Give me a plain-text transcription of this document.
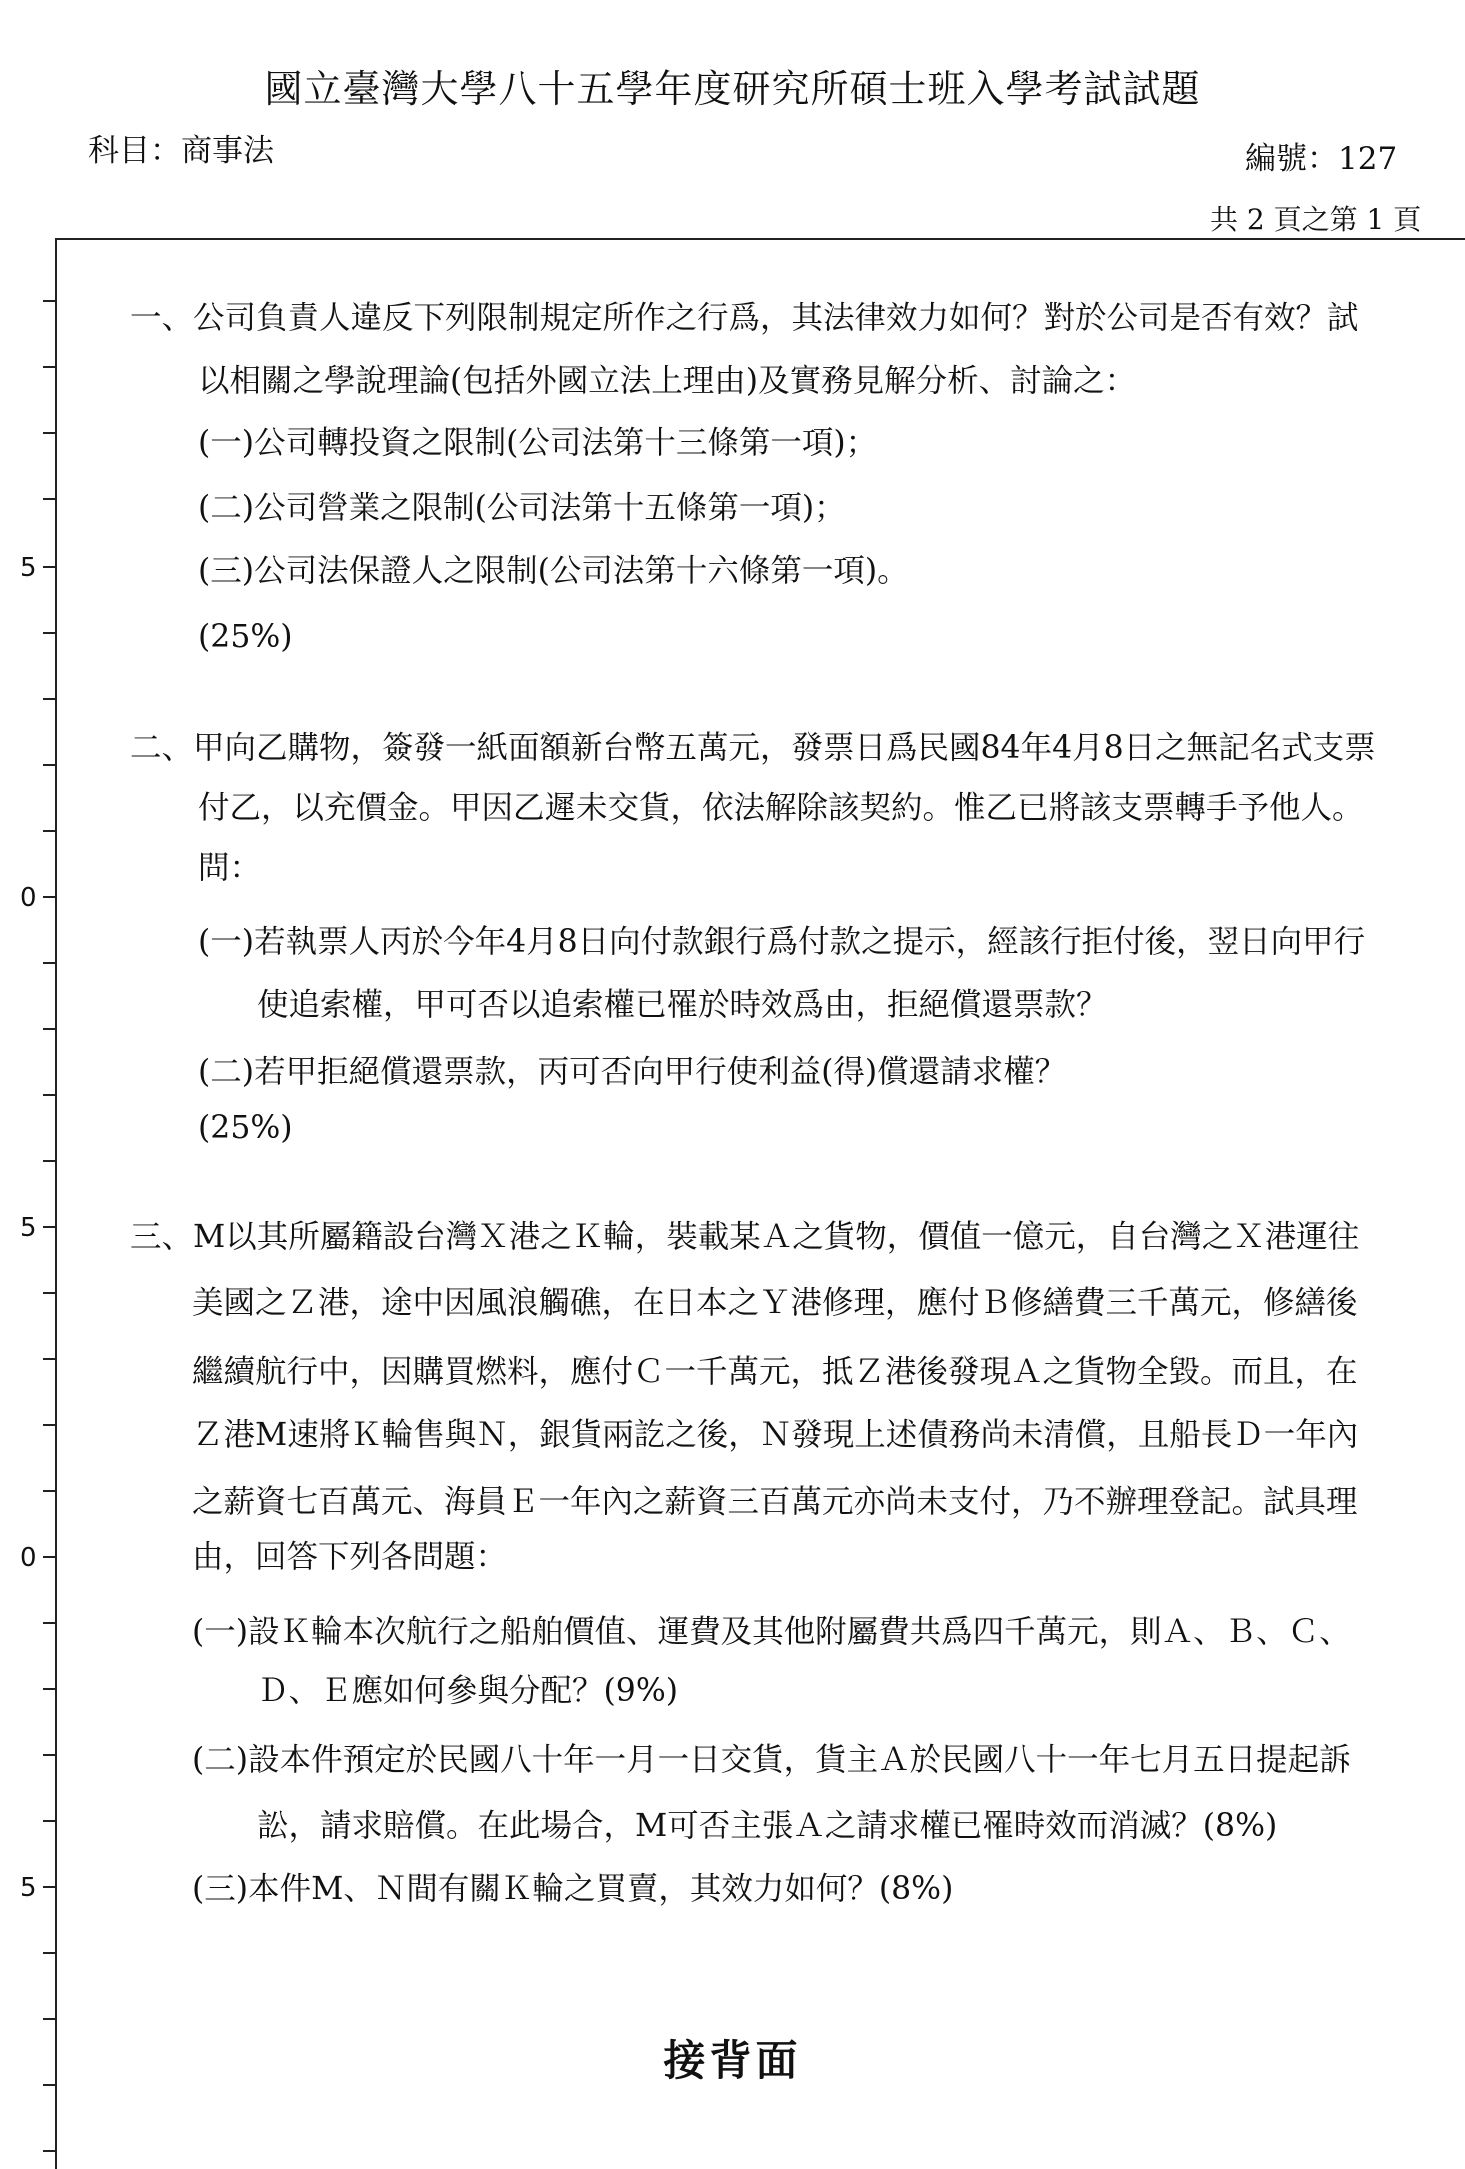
國立臺灣大學八十五學年度研究所碩士班入學考試試題
科目：商事法	編號：127
共 2 頁之第 1 頁
5
0
5
0
5
一、公司負責人違反下列限制規定所作之行爲，其法律效力如何？對於公司是否有效？試
以相關之學說理論(包括外國立法上理由)及實務見解分析、討論之：
(一)公司轉投資之限制(公司法第十三條第一項)；
(二)公司營業之限制(公司法第十五條第一項)；
(三)公司法保證人之限制(公司法第十六條第一項)。
(25%)
二、甲向乙購物，簽發一紙面額新台幣五萬元，發票日爲民國84年4月8日之無記名式支票
付乙，以充價金。甲因乙遲未交貨，依法解除該契約。惟乙已將該支票轉手予他人。
問：
(一)若執票人丙於今年4月8日向付款銀行爲付款之提示，經該行拒付後，翌日向甲行
使追索權，甲可否以追索權已罹於時效爲由，拒絕償還票款？
(二)若甲拒絕償還票款，丙可否向甲行使利益(得)償還請求權？
(25%)
三、M以其所屬籍設台灣Ｘ港之Ｋ輪，裝載某Ａ之貨物，價值一億元，自台灣之Ｘ港運往
美國之Ｚ港，途中因風浪觸礁，在日本之Ｙ港修理，應付Ｂ修繕費三千萬元，修繕後
繼續航行中，因購買燃料，應付Ｃ一千萬元，抵Ｚ港後發現Ａ之貨物全毀。而且，在
Ｚ港M速將Ｋ輪售與Ｎ，銀貨兩訖之後，Ｎ發現上述債務尚未清償，且船長Ｄ一年內
之薪資七百萬元、海員Ｅ一年內之薪資三百萬元亦尚未支付，乃不辦理登記。試具理
由，回答下列各問題：
(一)設Ｋ輪本次航行之船舶價值、運費及其他附屬費共爲四千萬元，則Ａ、Ｂ、Ｃ、
Ｄ、Ｅ應如何參與分配？(9%)
(二)設本件預定於民國八十年一月一日交貨，貨主Ａ於民國八十一年七月五日提起訴
訟，請求賠償。在此場合，M可否主張Ａ之請求權已罹時效而消滅？(8%)
(三)本件M、Ｎ間有關Ｋ輪之買賣，其效力如何？(8%)
接背面
